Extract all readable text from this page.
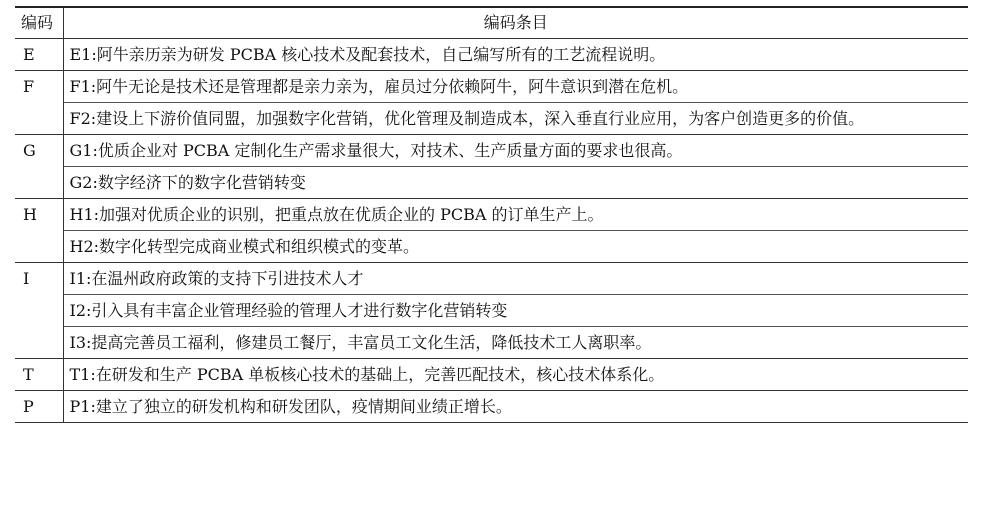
编码	编码条目
E	E1:阿牛亲历亲为研发 PCBA 核心技术及配套技术，自己编写所有的工艺流程说明。
F	F1:阿牛无论是技术还是管理都是亲力亲为，雇员过分依赖阿牛，阿牛意识到潜在危机。
	F2:建设上下游价值同盟，加强数字化营销，优化管理及制造成本，深入垂直行业应用，为客户创造更多的价值。
G	G1:优质企业对 PCBA 定制化生产需求量很大，对技术、生产质量方面的要求也很高。
	G2:数字经济下的数字化营销转变
H	H1:加强对优质企业的识别，把重点放在优质企业的 PCBA 的订单生产上。
	H2:数字化转型完成商业模式和组织模式的变革。
I	I1:在温州政府政策的支持下引进技术人才
	I2:引入具有丰富企业管理经验的管理人才进行数字化营销转变
	I3:提高完善员工福利，修建员工餐厅，丰富员工文化生活，降低技术工人离职率。
T	T1:在研发和生产 PCBA 单板核心技术的基础上，完善匹配技术，核心技术体系化。
P	P1:建立了独立的研发机构和研发团队，疫情期间业绩正增长。
